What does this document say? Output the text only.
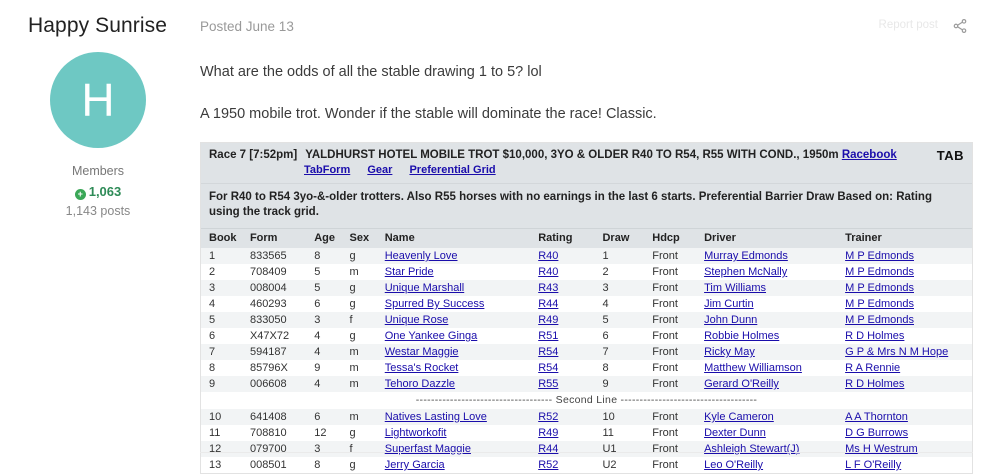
Happy Sunrise
H
Members
+ 1,063
1,143 posts
Posted June 13	Report post

What are the odds of all the stable drawing 1 to 5? lol

A 1950 mobile trot. Wonder if the stable will dominate the race! Classic.

Race 7 [7:52pm] YALDHURST HOTEL MOBILE TROT $10,000, 3YO & OLDER R40 TO R54, R55 WITH COND., 1950m Racebook
TabForm Gear Preferential Grid
TAB
For R40 to R54 3yo-&-older trotters. Also R55 horses with no earnings in the last 6 starts. Preferential Barrier Draw Based on: Rating using the track grid.
Book	Form	Age	Sex	Name	Rating	Draw	Hdcp	Driver	Trainer
1	833565	8	g	Heavenly Love	R40	1	Front	Murray Edmonds	M P Edmonds
2	708409	5	m	Star Pride	R40	2	Front	Stephen McNally	M P Edmonds
3	008004	5	g	Unique Marshall	R43	3	Front	Tim Williams	M P Edmonds
4	460293	6	g	Spurred By Success	R44	4	Front	Jim Curtin	M P Edmonds
5	833050	3	f	Unique Rose	R49	5	Front	John Dunn	M P Edmonds
6	X47X72	4	g	One Yankee Ginga	R51	6	Front	Robbie Holmes	R D Holmes
7	594187	4	m	Westar Maggie	R54	7	Front	Ricky May	G P & Mrs N M Hope
8	85796X	9	m	Tessa's Rocket	R54	8	Front	Matthew Williamson	R A Rennie
9	006608	4	m	Tehoro Dazzle	R55	9	Front	Gerard O'Reilly	R D Holmes
------------------------------------ Second Line ------------------------------------									
10	641408	6	m	Natives Lasting Love	R52	10	Front	Kyle Cameron	A A Thornton
11	708810	12	g	Lightworkofit	R49	11	Front	Dexter Dunn	D G Burrows
12	079700	3	f	Superfast Maggie	R44	U1	Front	Ashleigh Stewart(J)	Ms H Westrum
13	008501	8	g	Jerry Garcia	R52	U2	Front	Leo O'Reilly	L F O'Reilly
